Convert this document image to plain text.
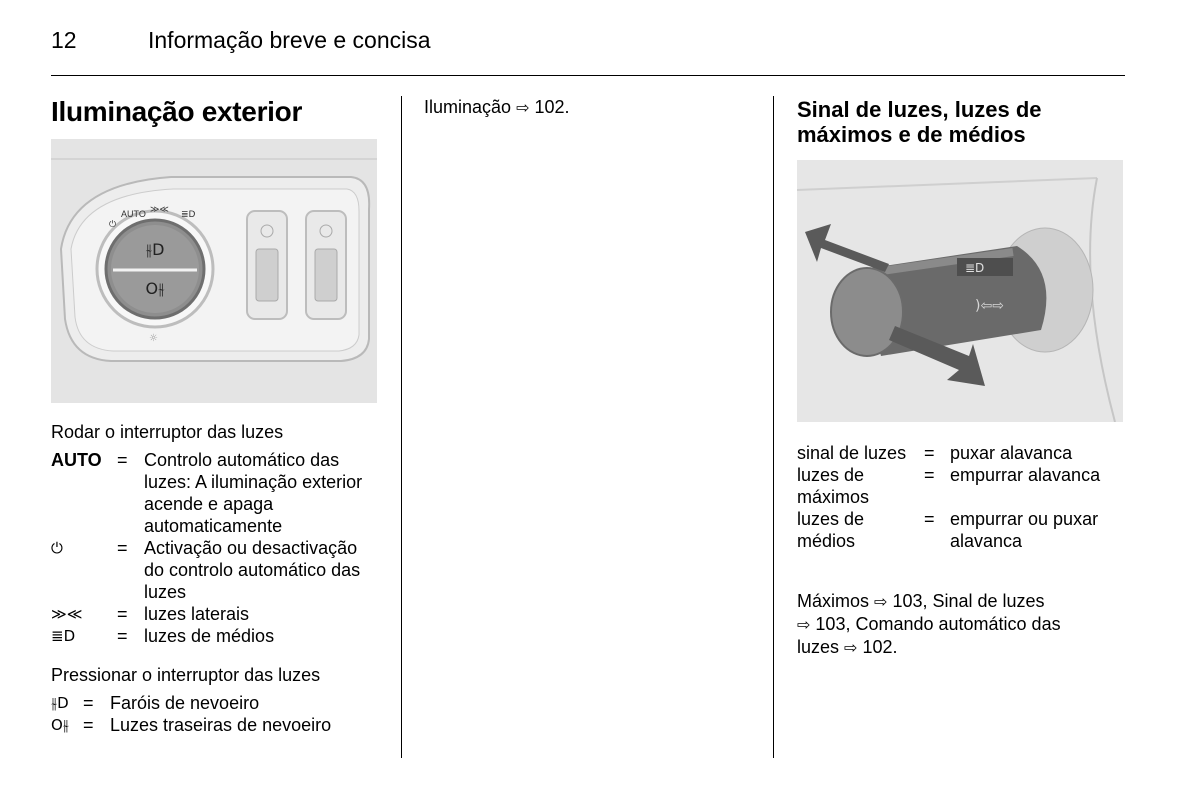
12	Informação breve e concisa
Iluminação exterior
⫳D
O⫳
⏻
AUTO ≫≪ ≣D
☼
Rodar o interruptor das luzes
AUTO	=	Controlo automático das luzes: A iluminação exterior acende e apaga automaticamente
⏻	=	Activação ou desactivação do controlo automático das luzes
≫≪	=	luzes laterais
≣D	=	luzes de médios
Pressionar o interruptor das luzes
⫳D	=	Faróis de nevoeiro
O⫳	=	Luzes traseiras de nevoeiro
Iluminação ⇨ 102.	Sinal de luzes, luzes de máximos e de médios
≣D
)⇦⇨
sinal de luzes	=	puxar alavanca
luzes de máximos	=	empurrar alavanca
luzes de médios	=	empurrar ou puxar alavanca
Máximos ⇨ 103, Sinal de luzes
⇨ 103, Comando automático das
luzes ⇨ 102.
